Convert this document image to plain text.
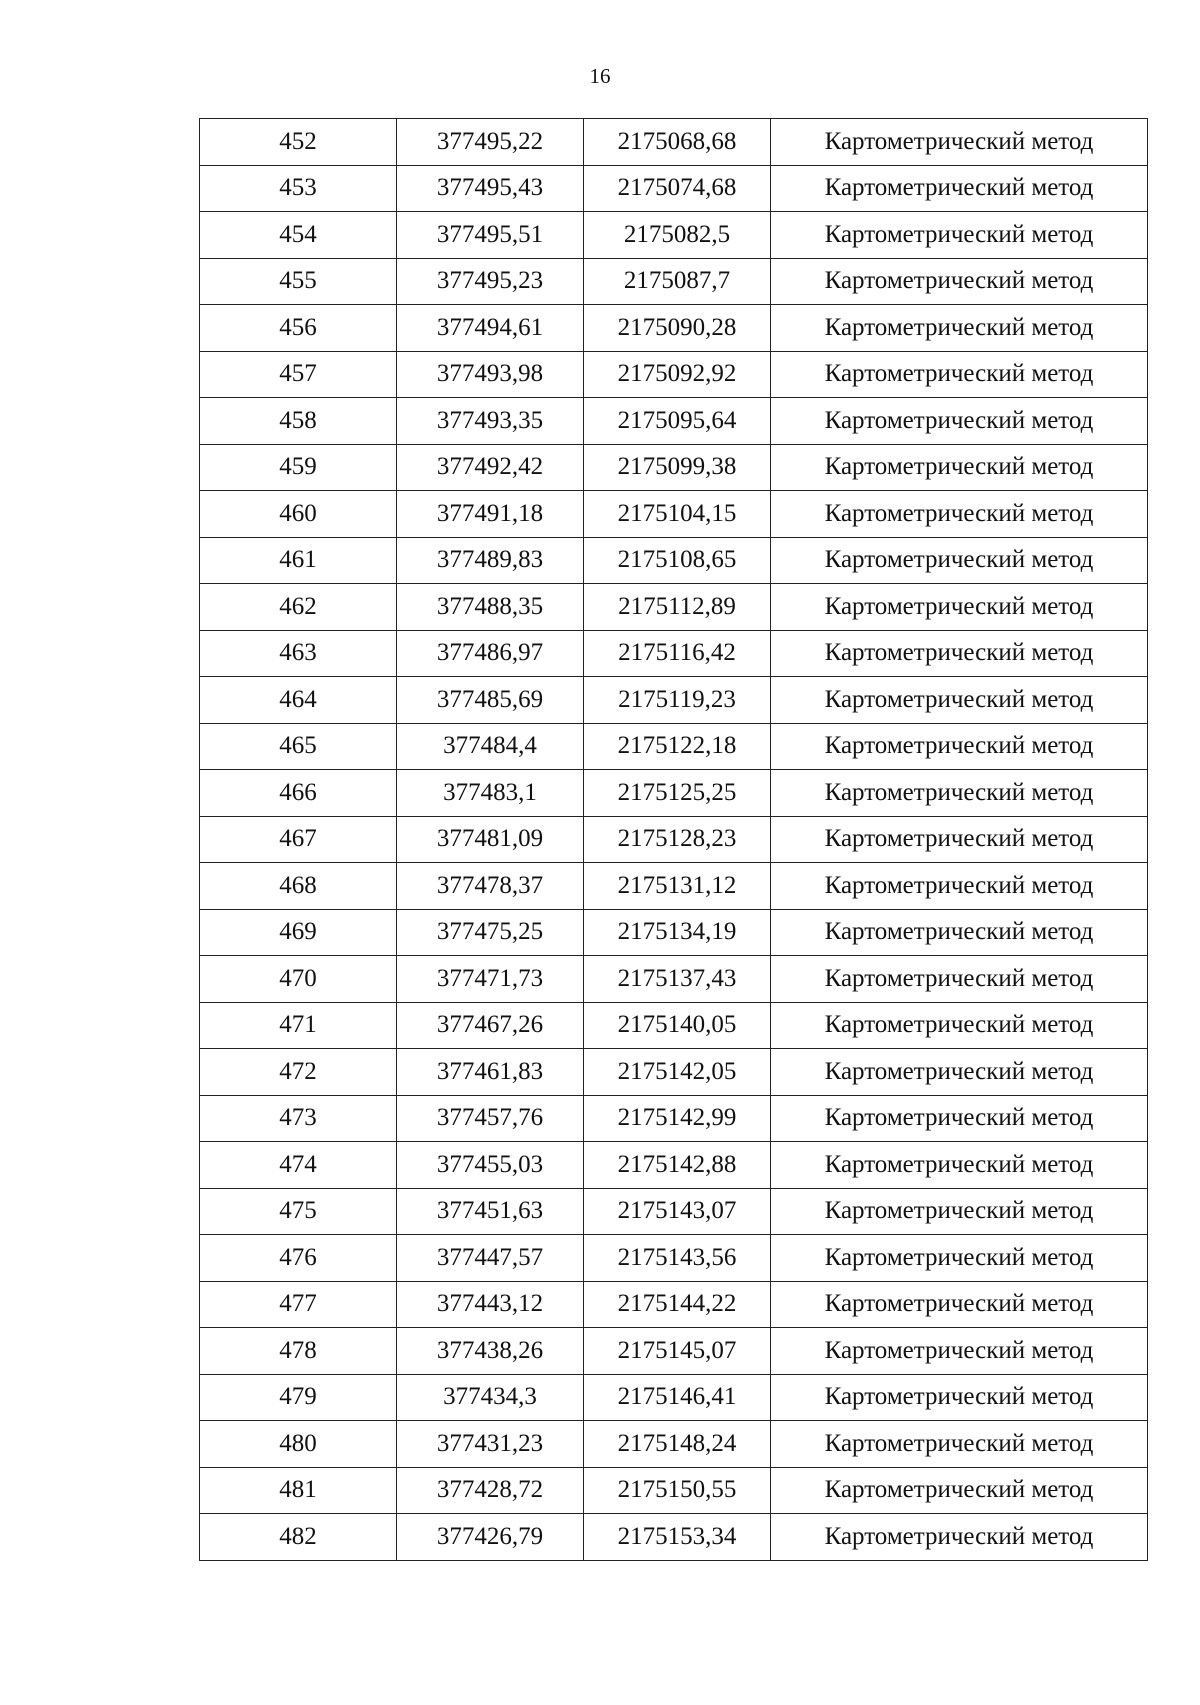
16
452	377495,22	2175068,68	Картометрический метод
453	377495,43	2175074,68	Картометрический метод
454	377495,51	2175082,5	Картометрический метод
455	377495,23	2175087,7	Картометрический метод
456	377494,61	2175090,28	Картометрический метод
457	377493,98	2175092,92	Картометрический метод
458	377493,35	2175095,64	Картометрический метод
459	377492,42	2175099,38	Картометрический метод
460	377491,18	2175104,15	Картометрический метод
461	377489,83	2175108,65	Картометрический метод
462	377488,35	2175112,89	Картометрический метод
463	377486,97	2175116,42	Картометрический метод
464	377485,69	2175119,23	Картометрический метод
465	377484,4	2175122,18	Картометрический метод
466	377483,1	2175125,25	Картометрический метод
467	377481,09	2175128,23	Картометрический метод
468	377478,37	2175131,12	Картометрический метод
469	377475,25	2175134,19	Картометрический метод
470	377471,73	2175137,43	Картометрический метод
471	377467,26	2175140,05	Картометрический метод
472	377461,83	2175142,05	Картометрический метод
473	377457,76	2175142,99	Картометрический метод
474	377455,03	2175142,88	Картометрический метод
475	377451,63	2175143,07	Картометрический метод
476	377447,57	2175143,56	Картометрический метод
477	377443,12	2175144,22	Картометрический метод
478	377438,26	2175145,07	Картометрический метод
479	377434,3	2175146,41	Картометрический метод
480	377431,23	2175148,24	Картометрический метод
481	377428,72	2175150,55	Картометрический метод
482	377426,79	2175153,34	Картометрический метод
